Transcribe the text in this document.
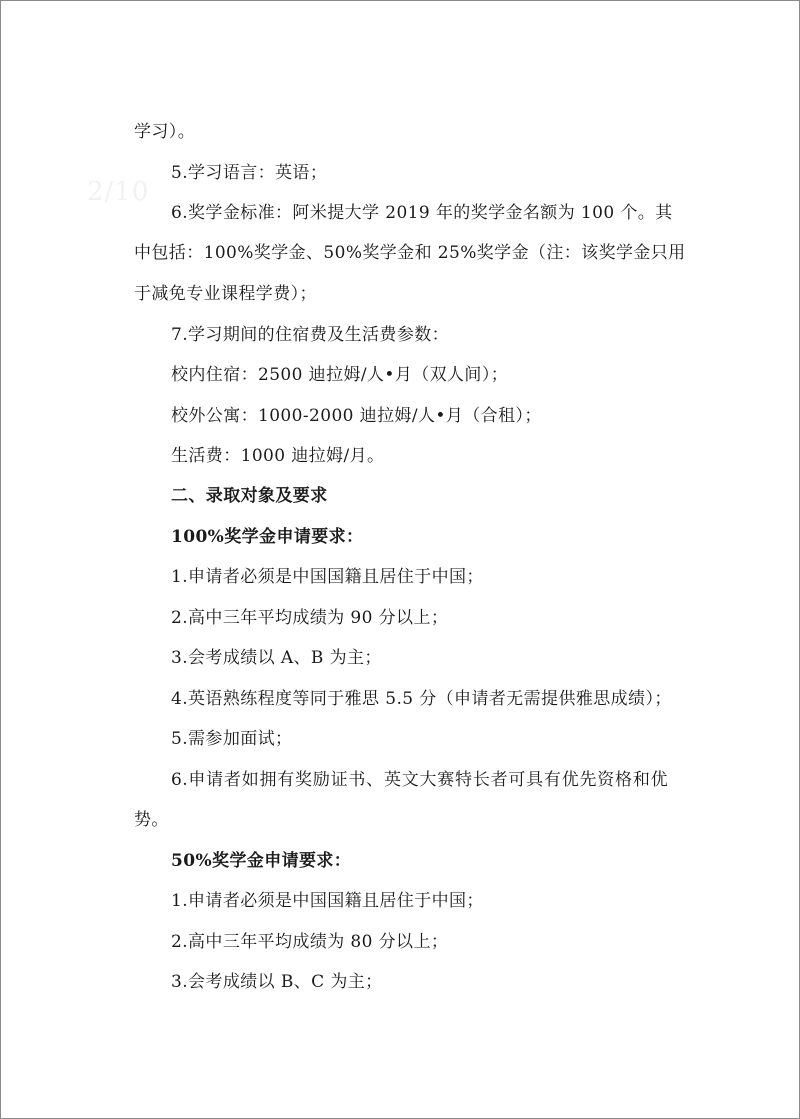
2/10
学习）。
5.学习语言：英语；
6.奖学金标准：阿米提大学 2019 年的奖学金名额为 100 个。其
中包括：100%奖学金、50%奖学金和 25%奖学金（注：该奖学金只用
于减免专业课程学费）；
7.学习期间的住宿费及生活费参数：
校内住宿：2500 迪拉姆/人•月（双人间）；
校外公寓：1000-2000 迪拉姆/人•月（合租）；
生活费：1000 迪拉姆/月。
二、录取对象及要求
100%奖学金申请要求：
1.申请者必须是中国国籍且居住于中国；
2.高中三年平均成绩为 90 分以上；
3.会考成绩以 A、B 为主；
4.英语熟练程度等同于雅思 5.5 分（申请者无需提供雅思成绩）；
5.需参加面试；
6.申请者如拥有奖励证书、英文大赛特长者可具有优先资格和优
势。
50%奖学金申请要求：
1.申请者必须是中国国籍且居住于中国；
2.高中三年平均成绩为 80 分以上；
3.会考成绩以 B、C 为主；
